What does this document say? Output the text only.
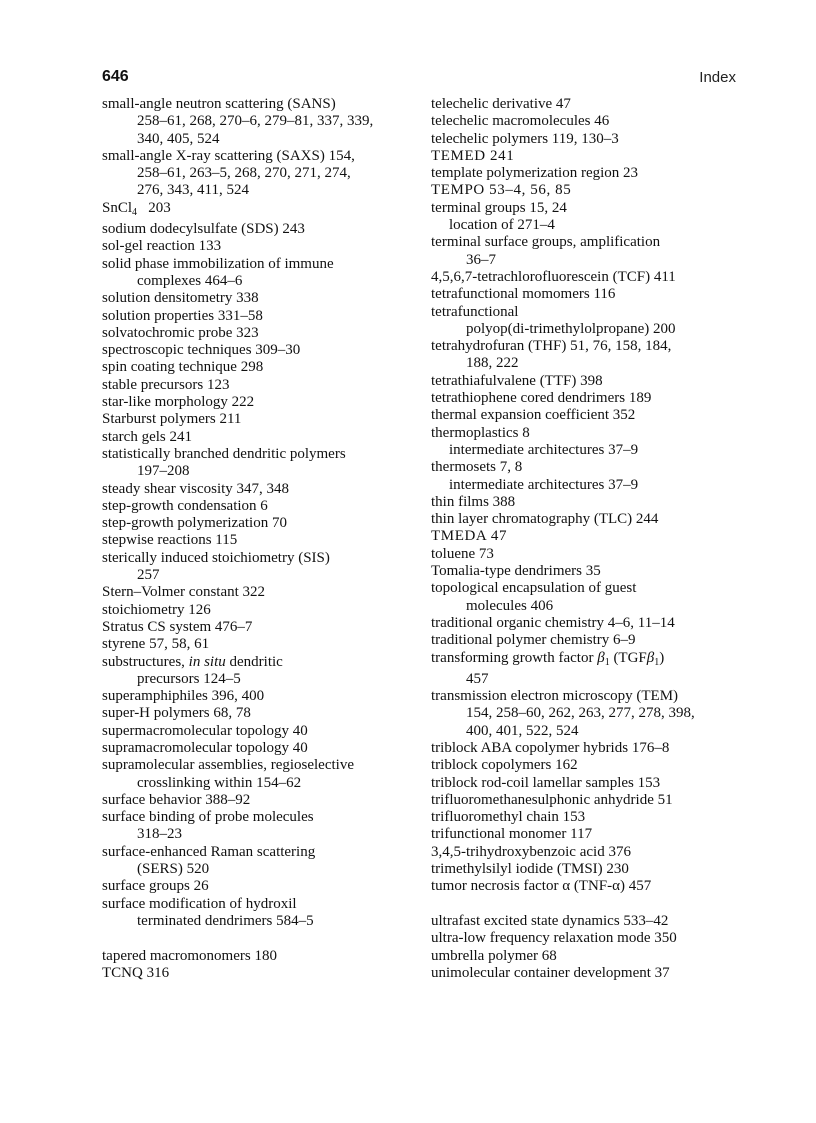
646	Index
small-angle neutron scattering (SANS)
258–61, 268, 270–6, 279–81, 337, 339,
340, 405, 524
small-angle X-ray scattering (SAXS) 154,
258–61, 263–5, 268, 270, 271, 274,
276, 343, 411, 524
SnCl$_4$ 203
sodium dodecylsulfate (SDS) 243
sol-gel reaction 133
solid phase immobilization of immune
complexes 464–6
solution densitometry 338
solution properties 331–58
solvatochromic probe 323
spectroscopic techniques 309–30
spin coating technique 298
stable precursors 123
star-like morphology 222
Starburst polymers 211
starch gels 241
statistically branched dendritic polymers
197–208
steady shear viscosity 347, 348
step-growth condensation 6
step-growth polymerization 70
stepwise reactions 115
sterically induced stoichiometry (SIS)
257
Stern–Volmer constant 322
stoichiometry 126
Stratus CS system 476–7
styrene 57, 58, 61
substructures, in situ dendritic
precursors 124–5
superamphiphiles 396, 400
super-H polymers 68, 78
supermacromolecular topology 40
supramacromolecular topology 40
supramolecular assemblies, regioselective
crosslinking within 154–62
surface behavior 388–92
surface binding of probe molecules
318–23
surface-enhanced Raman scattering
(SERS) 520
surface groups 26
surface modification of hydroxil
terminated dendrimers 584–5
tapered macromonomers 180
TCNQ 316
telechelic derivative 47
telechelic macromolecules 46
telechelic polymers 119, 130–3
TEMED 241
template polymerization region 23
TEMPO 53–4, 56, 85
terminal groups 15, 24
location of 271–4
terminal surface groups, amplification
36–7
4,5,6,7-tetrachlorofluorescein (TCF) 411
tetrafunctional momomers 116
tetrafunctional
polyop(di-trimethylolpropane) 200
tetrahydrofuran (THF) 51, 76, 158, 184,
188, 222
tetrathiafulvalene (TTF) 398
tetrathiophene cored dendrimers 189
thermal expansion coefficient 352
thermoplastics 8
intermediate architectures 37–9
thermosets 7, 8
intermediate architectures 37–9
thin films 388
thin layer chromatography (TLC) 244
TMEDA 47
toluene 73
Tomalia-type dendrimers 35
topological encapsulation of guest
molecules 406
traditional organic chemistry 4–6, 11–14
traditional polymer chemistry 6–9
transforming growth factor $\beta_1$ (TGFβ$_1$)
457
transmission electron microscopy (TEM)
154, 258–60, 262, 263, 277, 278, 398,
400, 401, 522, 524
triblock ABA copolymer hybrids 176–8
triblock copolymers 162
triblock rod-coil lamellar samples 153
trifluoromethanesulphonic anhydride 51
trifluoromethyl chain 153
trifunctional monomer 117
3,4,5-trihydroxybenzoic acid 376
trimethylsilyl iodide (TMSI) 230
tumor necrosis factor α (TNF-α) 457
ultrafast excited state dynamics 533–42
ultra-low frequency relaxation mode 350
umbrella polymer 68
unimolecular container development 37
